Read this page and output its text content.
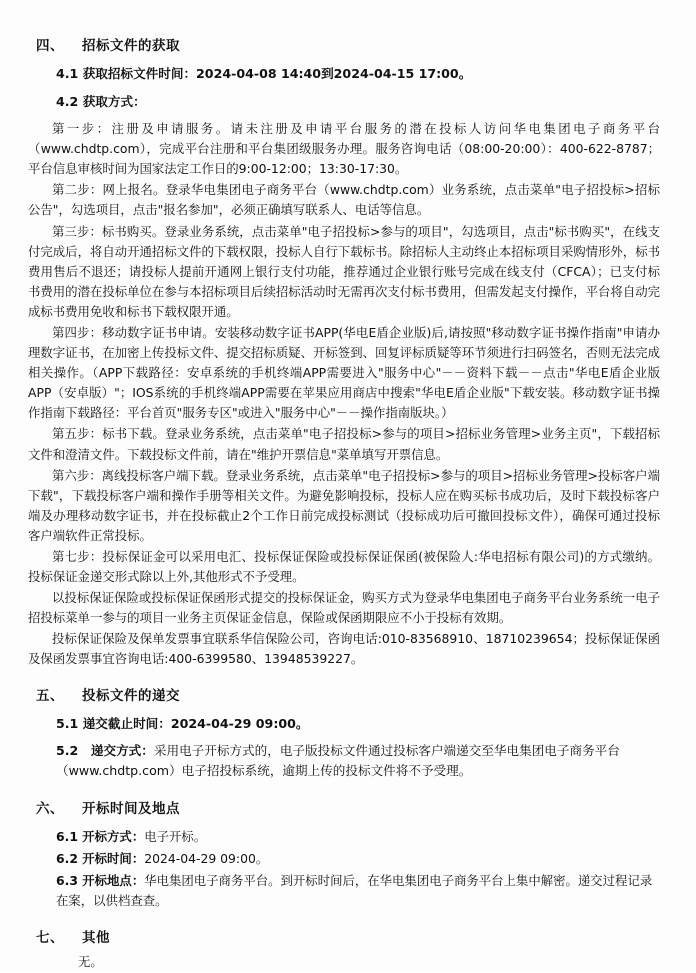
四、 招标文件的获取
4.1 获取招标文件时间：2024-04-08 14:40到2024-04-15 17:00。
4.2 获取方式：

第一步：注册及申请服务。请未注册及申请平台服务的潜在投标人访问华电集团电子商务平台（www.chdtp.com），完成平台注册和平台集团级服务办理。服务咨询电话（08:00-20:00）：400-622-8787；平台信息审核时间为国家法定工作日的9:00-12:00；13:30-17:30。

第二步：网上报名。登录华电集团电子商务平台（www.chdtp.com）业务系统，点击菜单"电子招投标>招标公告"，勾选项目，点击"报名参加"，必须正确填写联系人、电话等信息。

第三步：标书购买。登录业务系统，点击菜单"电子招投标>参与的项目"，勾选项目，点击"标书购买"，在线支付完成后，将自动开通招标文件的下载权限，投标人自行下载标书。除招标人主动终止本招标项目采购情形外，标书费用售后不退还；请投标人提前开通网上银行支付功能，推荐通过企业银行账号完成在线支付（CFCA）；已支付标书费用的潜在投标单位在参与本招标项目后续招标活动时无需再次支付标书费用，但需发起支付操作，平台将自动完成标书费用免收和标书下载权限开通。

第四步：移动数字证书申请。安装移动数字证书APP(华电E盾企业版)后,请按照"移动数字证书操作指南"申请办理数字证书，在加密上传投标文件、提交招标质疑、开标签到、回复评标质疑等环节须进行扫码签名，否则无法完成相关操作。（APP下载路径：安卓系统的手机终端APP需要进入"服务中心"－－资料下载－－点击"华电E盾企业版APP（安卓版）"；IOS系统的手机终端APP需要在苹果应用商店中搜索"华电E盾企业版"下载安装。移动数字证书操作指南下载路径：平台首页"服务专区"或进入"服务中心"－－操作指南版块。）

第五步：标书下载。登录业务系统，点击菜单"电子招投标>参与的项目>招标业务管理>业务主页"，下载招标文件和澄清文件。下载投标文件前，请在"维护开票信息"菜单填写开票信息。

第六步：离线投标客户端下载。登录业务系统，点击菜单"电子招投标>参与的项目>招标业务管理>投标客户端下载"，下载投标客户端和操作手册等相关文件。为避免影响投标，投标人应在购买标书成功后，及时下载投标客户端及办理移动数字证书，并在投标截止2个工作日前完成投标测试（投标成功后可撤回投标文件），确保可通过投标客户端软件正常投标。

第七步：投标保证金可以采用电汇、投标保证保险或投标保证保函(被保险人:华电招标有限公司)的方式缴纳。投标保证金递交形式除以上外,其他形式不予受理。

以投标保证保险或投标保证保函形式提交的投标保证金，购买方式为登录华电集团电子商务平台业务系统一电子招投标菜单一参与的项目一业务主页保证金信息，保险或保函期限应不小于投标有效期。

投标保证保险及保单发票事宜联系华信保险公司，咨询电话:010-83568910、18710239654；投标保证保函及保函发票事宜咨询电话:400-6399580、13948539227。

五、 投标文件的递交
5.1 递交截止时间：2024-04-29 09:00。
5.2　递交方式：采用电子开标方式的，电子版投标文件通过投标客户端递交至华电集团电子商务平台（www.chdtp.com）电子招投标系统，逾期上传的投标文件将不予受理。
六、 开标时间及地点
6.1 开标方式：电子开标。
6.2 开标时间：2024-04-29 09:00。
6.3 开标地点：华电集团电子商务平台。到开标时间后，在华电集团电子商务平台上集中解密。递交过程记录在案，以供档查查。
七、 其他
无。
